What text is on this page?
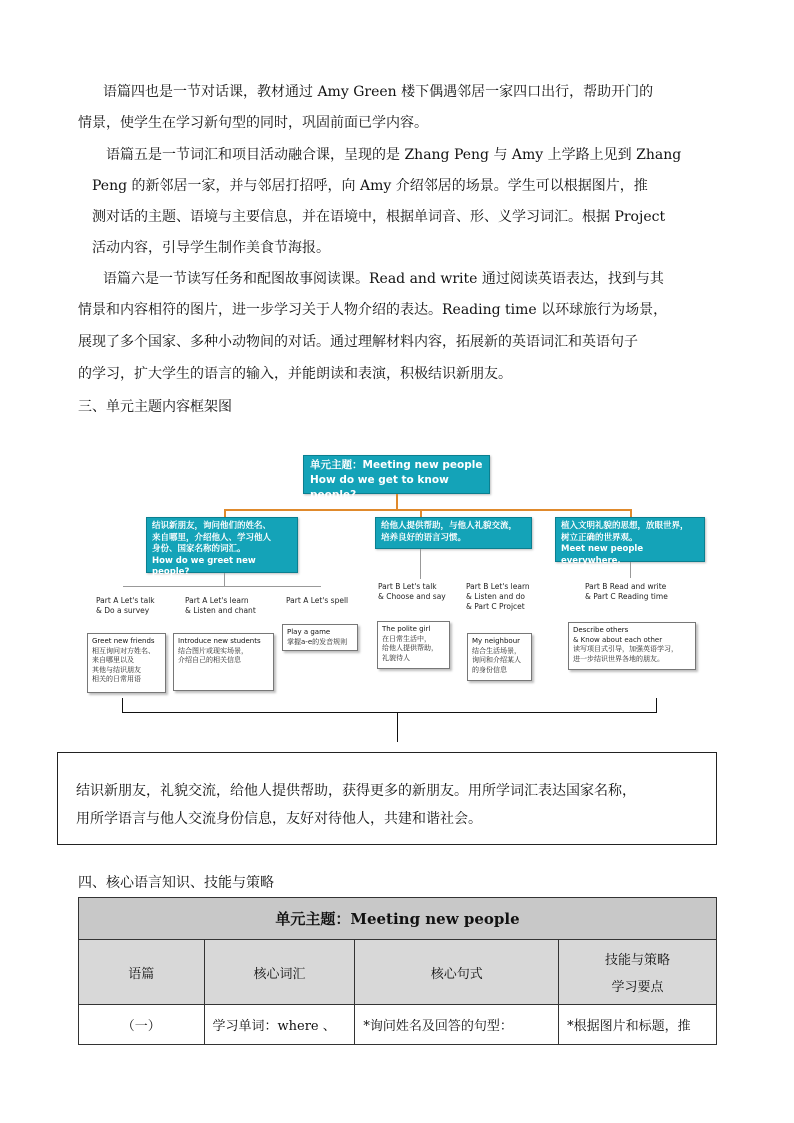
语篇四也是一节对话课，教材通过 Amy Green 楼下偶遇邻居一家四口出行，帮助开门的
情景，使学生在学习新句型的同时，巩固前面已学内容。
语篇五是一节词汇和项目活动融合课，呈现的是 Zhang Peng 与 Amy 上学路上见到 Zhang
Peng 的新邻居一家，并与邻居打招呼，向 Amy 介绍邻居的场景。学生可以根据图片，推
测对话的主题、语境与主要信息，并在语境中，根据单词音、形、义学习词汇。根据 Project
活动内容，引导学生制作美食节海报。
语篇六是一节读写任务和配图故事阅读课。Read and write 通过阅读英语表达，找到与其
情景和内容相符的图片，进一步学习关于人物介绍的表达。Reading time 以环球旅行为场景，
展现了多个国家、多种小动物间的对话。通过理解材料内容，拓展新的英语词汇和英语句子
的学习，扩大学生的语言的输入，并能朗读和表演，积极结识新朋友。
三、单元主题内容框架图
单元主题：Meeting new people
How do we get to know people?
结识新朋友，询问他们的姓名、
来自哪里，介绍他人、学习他人
身份、国家名称的词汇。
How do we greet new people?
给他人提供帮助，与他人礼貌交流，
培养良好的语言习惯。
植入文明礼貌的思想，放眼世界，
树立正确的世界观。
Meet new people everywhere.
Part A Let's talk
& Do a survey
Part A Let's learn
& Listen and chant
Part A Let's spell
Part B Let's talk
& Choose and say
Part B Let's learn
& Listen and do
& Part C Projcet
Part B Read and write
& Part C Reading time
Greet new friends
相互询问对方姓名、
来自哪里以及
其他与结识朋友
相关的日常用语
Introduce new students
结合图片或现实场景，
介绍自己的相关信息
Play a game
掌握a-e的发音规则
The polite girl
在日常生活中，
给他人提供帮助，
礼貌待人
My neighbour
结合生活场景，
询问和介绍某人
的身份信息
Describe others
& Know about each other
读写项目式引导，加强英语学习，
进一步结识世界各地的朋友。
结识新朋友，礼貌交流，给他人提供帮助，获得更多的新朋友。用所学词汇表达国家名称，
用所学语言与他人交流身份信息，友好对待他人，共建和谐社会。
四、核心语言知识、技能与策略
单元主题：Meeting new people			
语篇	核心词汇	核心句式	技能与策略
学习要点

（一）	学习单词：where 、	*询问姓名及回答的句型：	*根据图片和标题，推
